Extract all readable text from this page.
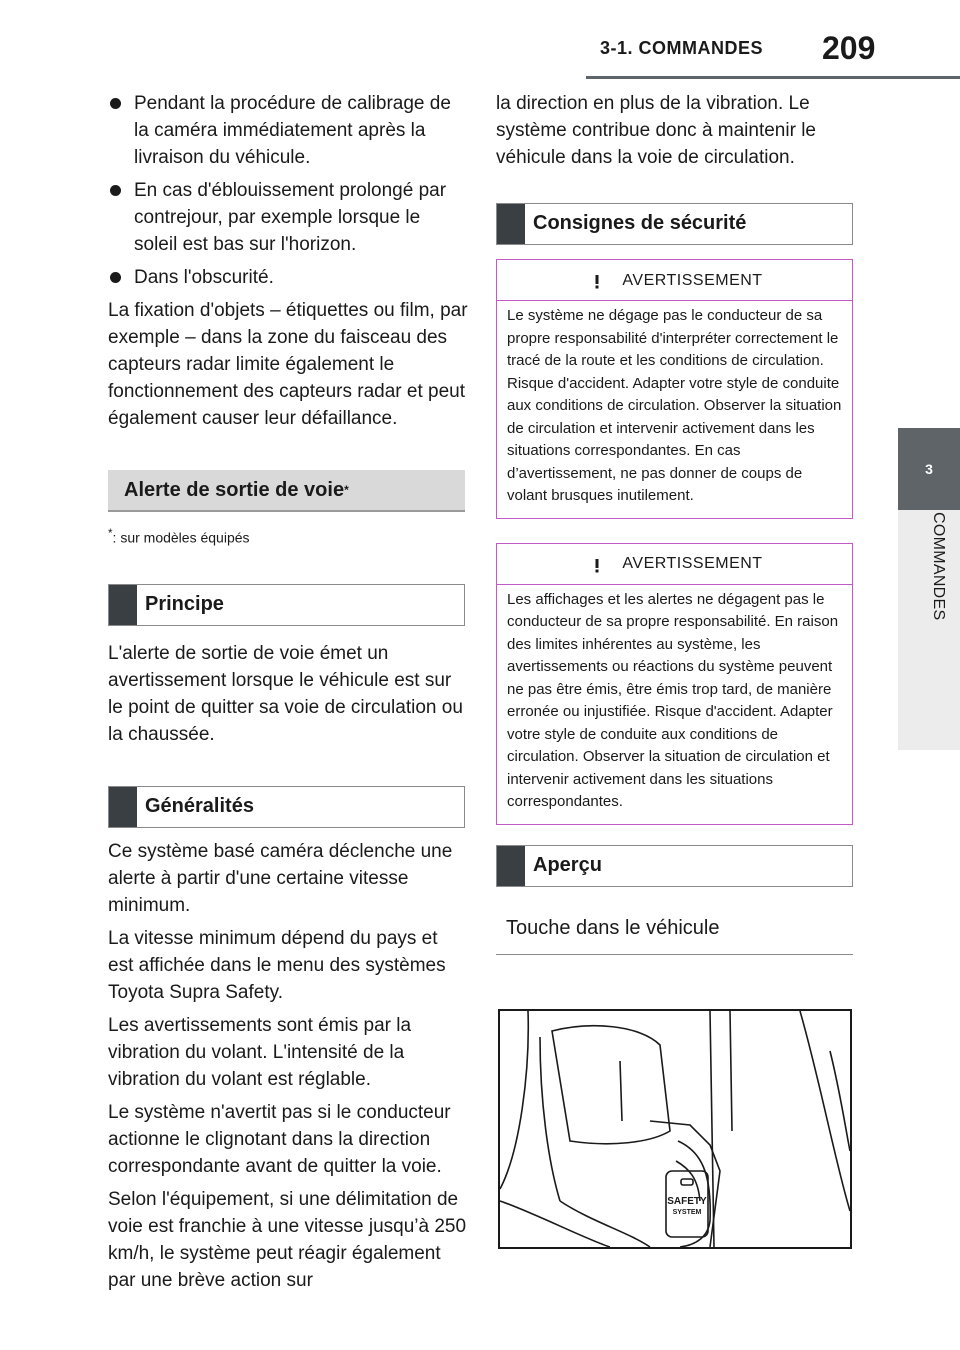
3-1. COMMANDES	209
3
COMMANDES
Pendant la procédure de calibrage de la caméra immédiatement après la livraison du véhicule.
En cas d'éblouissement prolongé par contrejour, par exemple lorsque le soleil est bas sur l'horizon.
Dans l'obscurité.

La fixation d'objets – étiquettes ou film, par exemple – dans la zone du faisceau des capteurs radar limite également le fonctionnement des capteurs radar et peut également causer leur défaillance.

Alerte de sortie de voie *
*: sur modèles équipés
Principe

L'alerte de sortie de voie émet un avertissement lorsque le véhicule est sur le point de quitter sa voie de circulation ou la chaussée.

Généralités

Ce système basé caméra déclenche une alerte à partir d'une certaine vitesse minimum.

La vitesse minimum dépend du pays et est affichée dans le menu des systèmes Toyota Supra Safety.

Les avertissements sont émis par la vibration du volant. L'intensité de la vibration du volant est réglable.

Le système n'avertit pas si le conducteur actionne le clignotant dans la direction correspondante avant de quitter la voie.

Selon l'équipement, si une délimitation de voie est franchie à une vitesse jusqu’à 250 km/h, le système peut réagir également par une brève action sur

la direction en plus de la vibration. Le système contribue donc à maintenir le véhicule dans la voie de circulation.

Consignes de sécurité
AVERTISSEMENT
Le système ne dégage pas le conducteur de sa propre responsabilité d'interpréter correctement le tracé de la route et les conditions de circulation. Risque d'accident. Adapter votre style de conduite aux conditions de circulation. Observer la situation de circulation et intervenir activement dans les situations correspondantes. En cas d’avertissement, ne pas donner de coups de volant brusques inutilement.
AVERTISSEMENT
Les affichages et les alertes ne dégagent pas le conducteur de sa propre responsabilité. En raison des limites inhérentes au système, les avertissements ou réactions du système peuvent ne pas être émis, être émis trop tard, de manière erronée ou injustifiée. Risque d'accident. Adapter votre style de conduite aux conditions de circulation. Observer la situation de circulation et intervenir activement dans les situations correspondantes.
Aperçu
Touche dans le véhicule
SAFETY
SYSTEM
